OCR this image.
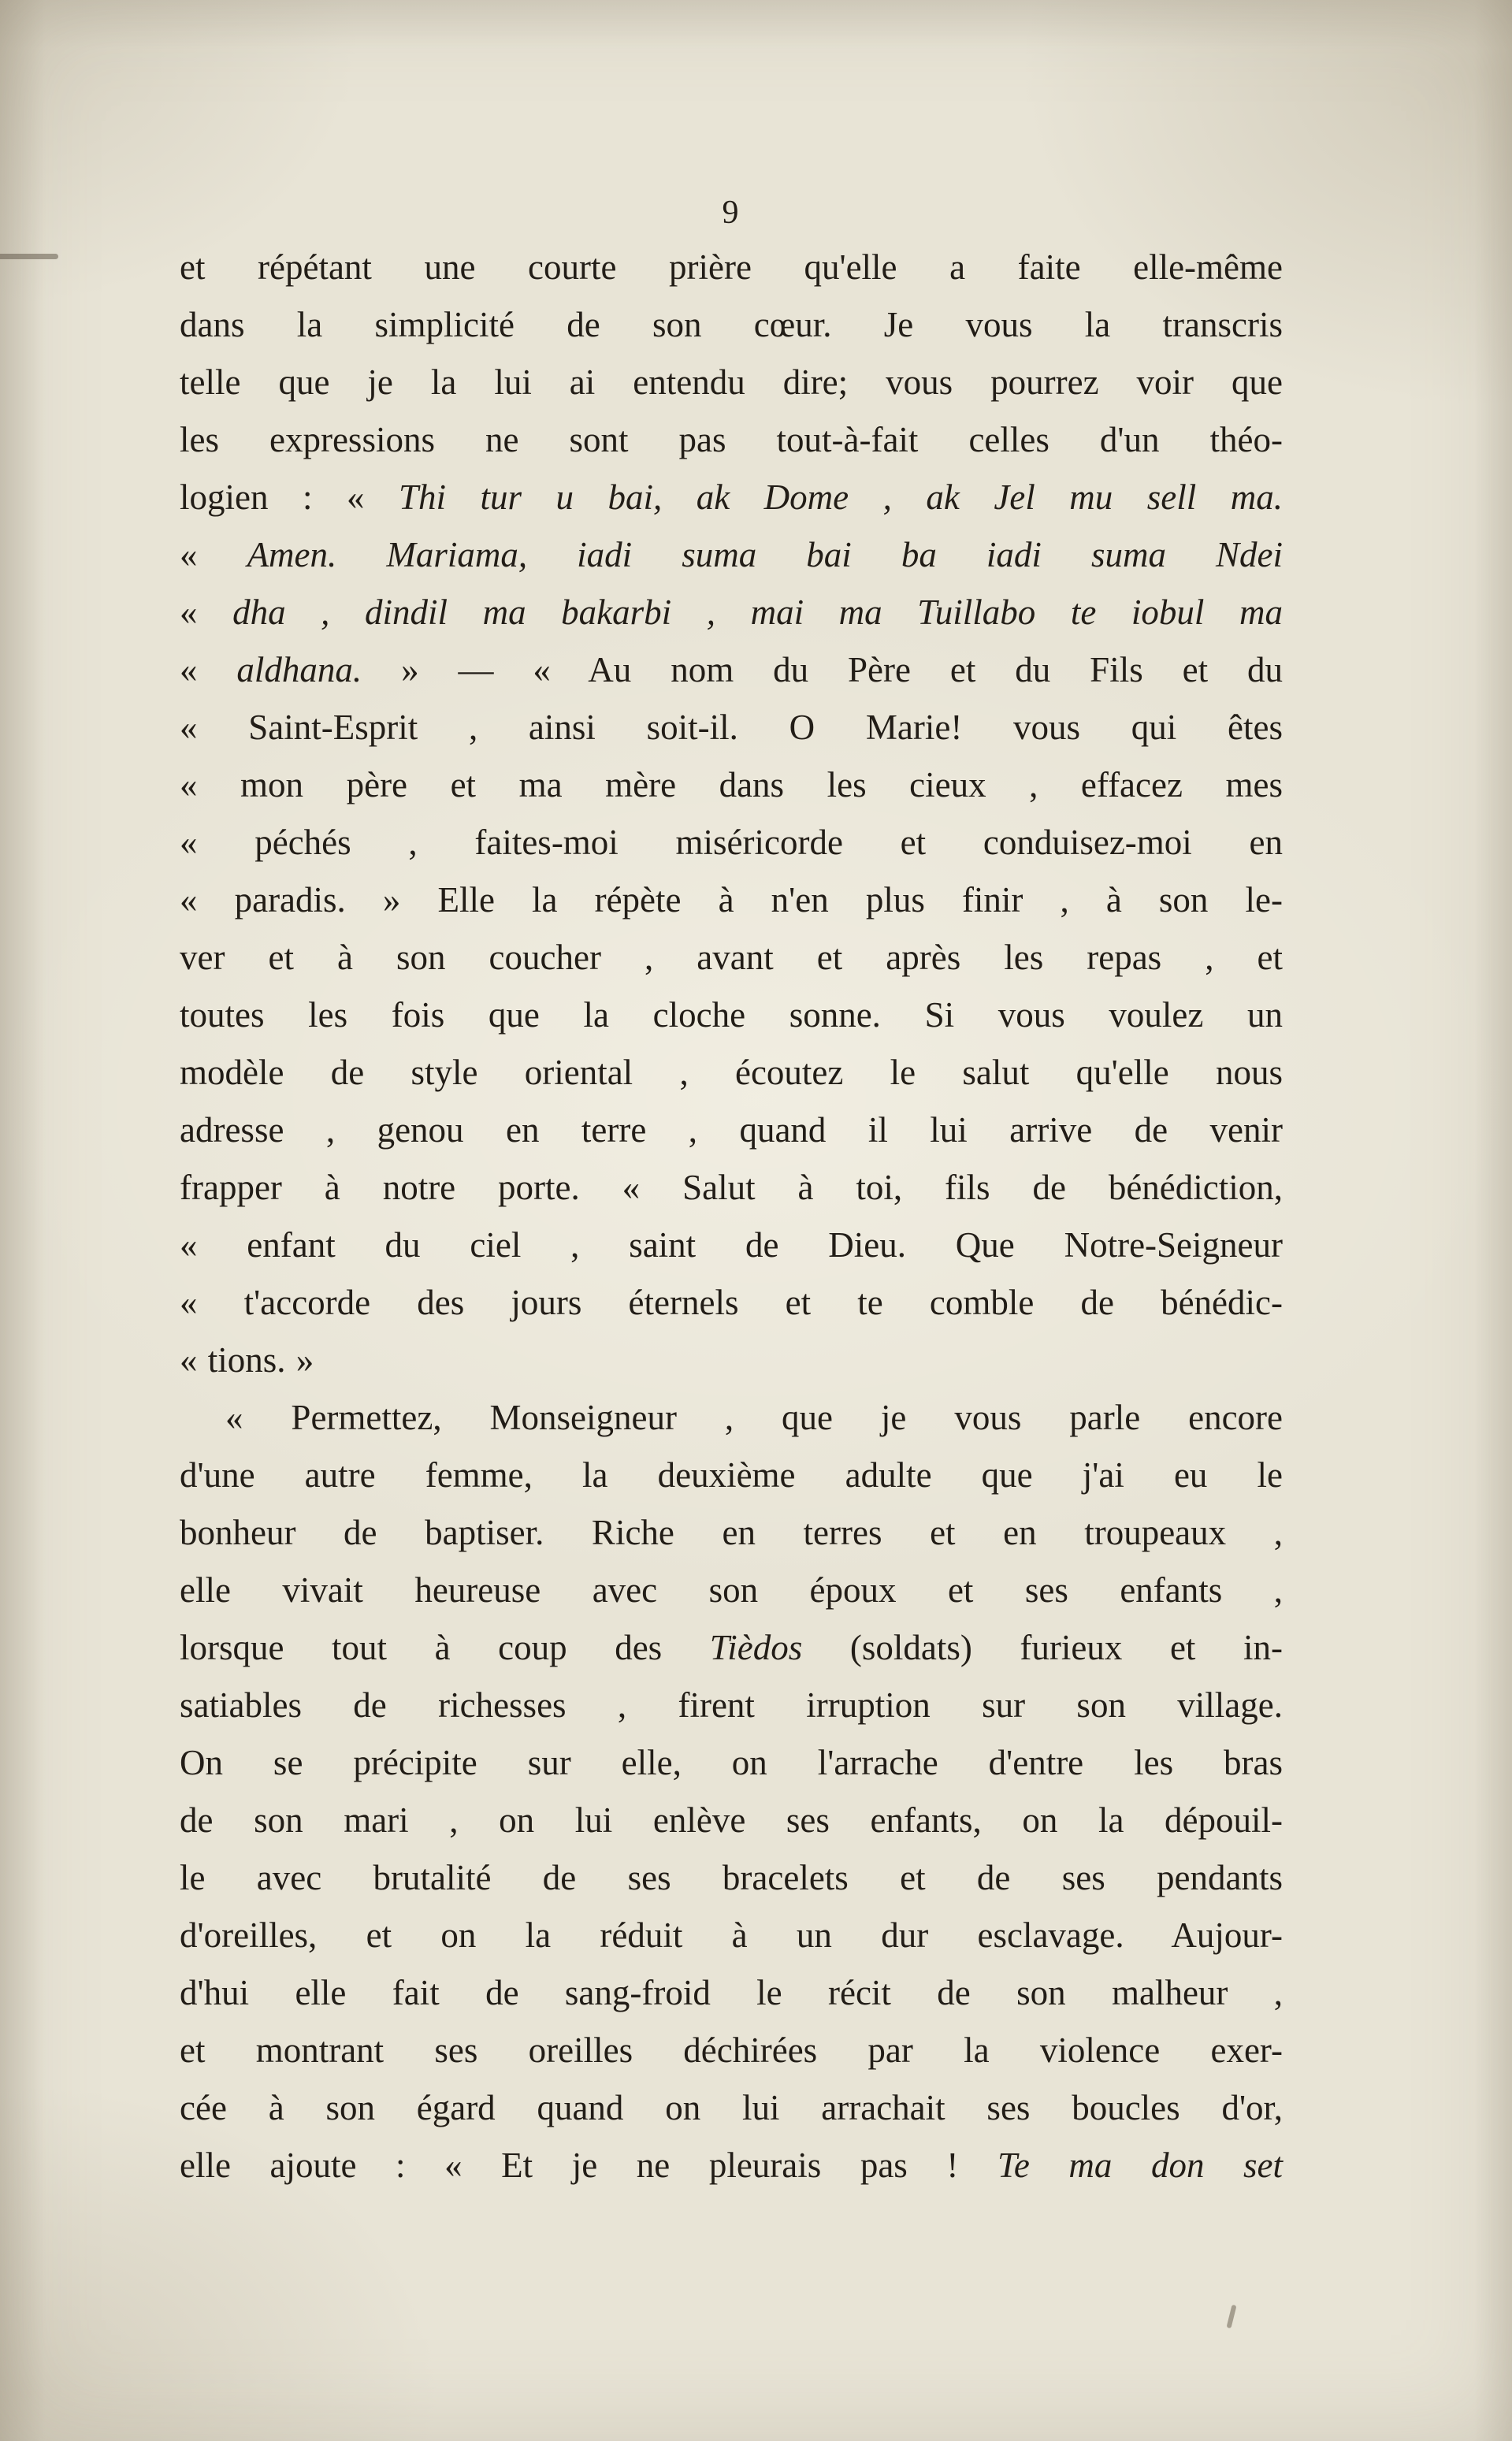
9
et répétant une courte prière qu'elle a faite elle-même
dans la simplicité de son cœur. Je vous la transcris
telle que je la lui ai entendu dire; vous pourrez voir que
les expressions ne sont pas tout-à-fait celles d'un théo-
logien : « Thi tur u bai, ak Dome , ak Jel mu sell ma.
« Amen. Mariama, iadi suma bai ba iadi suma Ndei
« dha , dindil ma bakarbi , mai ma Tuillabo te iobul ma
« aldhana. » — « Au nom du Père et du Fils et du
« Saint-Esprit , ainsi soit-il. O Marie! vous qui êtes
« mon père et ma mère dans les cieux , effacez mes
« péchés , faites-moi miséricorde et conduisez-moi en
« paradis. » Elle la répète à n'en plus finir , à son le-
ver et à son coucher , avant et après les repas , et
toutes les fois que la cloche sonne. Si vous voulez un
modèle de style oriental , écoutez le salut qu'elle nous
adresse , genou en terre , quand il lui arrive de venir
frapper à notre porte. « Salut à toi, fils de bénédiction,
« enfant du ciel , saint de Dieu. Que Notre-Seigneur
« t'accorde des jours éternels et te comble de bénédic-
« tions. »
« Permettez, Monseigneur , que je vous parle encore
d'une autre femme, la deuxième adulte que j'ai eu le
bonheur de baptiser. Riche en terres et en troupeaux ,
elle vivait heureuse avec son époux et ses enfants ,
lorsque tout à coup des Tièdos (soldats) furieux et in-
satiables de richesses , firent irruption sur son village.
On se précipite sur elle, on l'arrache d'entre les bras
de son mari , on lui enlève ses enfants, on la dépouil-
le avec brutalité de ses bracelets et de ses pendants
d'oreilles, et on la réduit à un dur esclavage. Aujour-
d'hui elle fait de sang-froid le récit de son malheur ,
et montrant ses oreilles déchirées par la violence exer-
cée à son égard quand on lui arrachait ses boucles d'or,
elle ajoute : « Et je ne pleurais pas ! Te ma don set
